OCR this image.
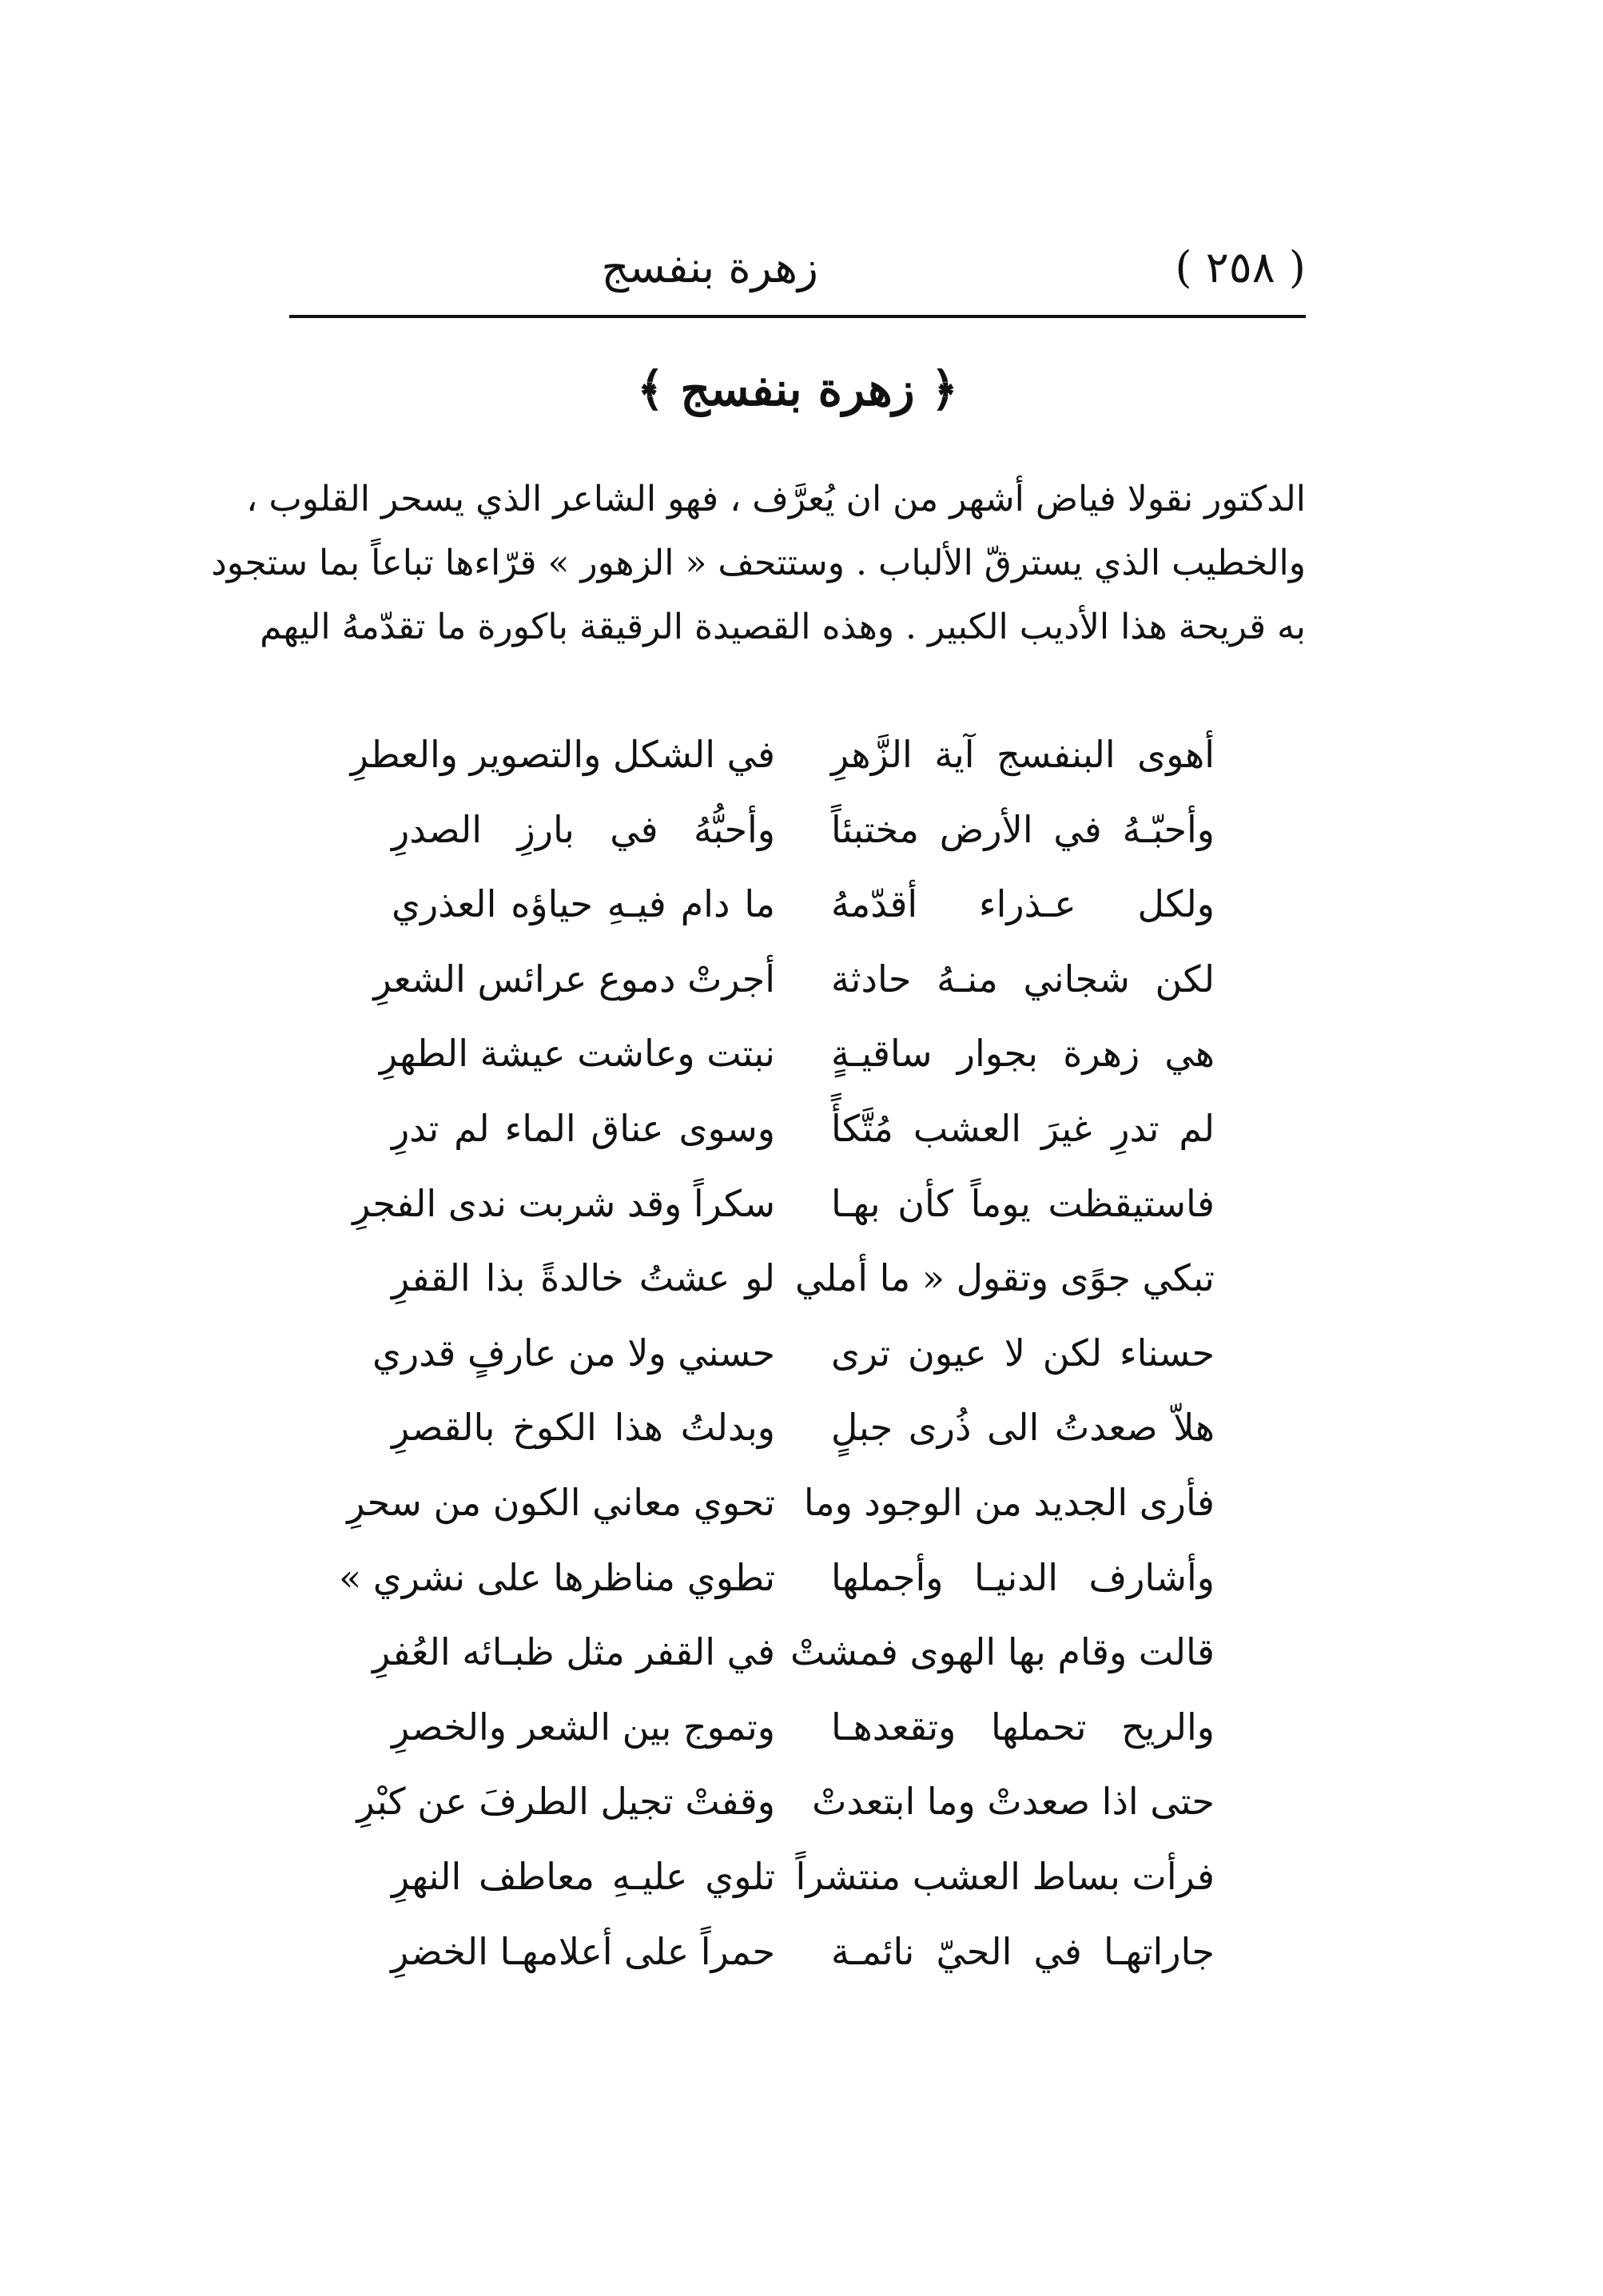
( ٢٥٨ )
زهرة بنفسج
﴿ زهرة بنفسج ﴾
الدكتور نقولا فياض أشهر من ان يُعرَّف ، فهو الشاعر الذي يسحر القلوب ،
والخطيب الذي يسترقّ الألباب . وستتحف « الزهور » قرّاءها تباعاً بما ستجود
به قريحة هذا الأديب الكبير . وهذه القصيدة الرقيقة باكورة ما تقدّمهُ اليهم
أهوى البنفسج آية الزَّهرِ
في الشكل والتصوير والعطرِ
وأحبّـهُ في الأرض مختبئاً
وأحبُّهُ في بارزِ الصدرِ
ولكل عـذراء أقدّمهُ
ما دام فيـهِ حياؤه العذري
لكن شجاني منـهُ حادثة
أجرتْ دموع عرائس الشعرِ
هي زهرة بجوار ساقيـةٍ
نبتت وعاشت عيشة الطهرِ
لم تدرِ غيرَ العشب مُتَّكأً
وسوى عناق الماء لم تدرِ
فاستيقظت يوماً كأن بهـا
سكراً وقد شربت ندى الفجرِ
تبكي جوًى وتقول « ما أملي
لو عشتُ خالدةً بذا القفرِ
حسناء لكن لا عيون ترى
حسني ولا من عارفٍ قدري
هلاّ صعدتُ الى ذُرى جبلٍ
وبدلتُ هذا الكوخ بالقصرِ
فأرى الجديد من الوجود وما
تحوي معاني الكون من سحرِ
وأشارف الدنيـا وأجملها
تطوي مناظرها على نشري »
قالت وقام بها الهوى فمشتْ
في القفر مثل ظبـائه العُفرِ
والريح تحملها وتقعدهـا
وتموج بين الشعر والخصرِ
حتى اذا صعدتْ وما ابتعدتْ
وقفتْ تجيل الطرفَ عن كبْرِ
فرأت بساط العشب منتشراً
تلوي عليـهِ معاطف النهرِ
جاراتهـا في الحيّ نائمـة
حمراً على أعلامهـا الخضرِ
